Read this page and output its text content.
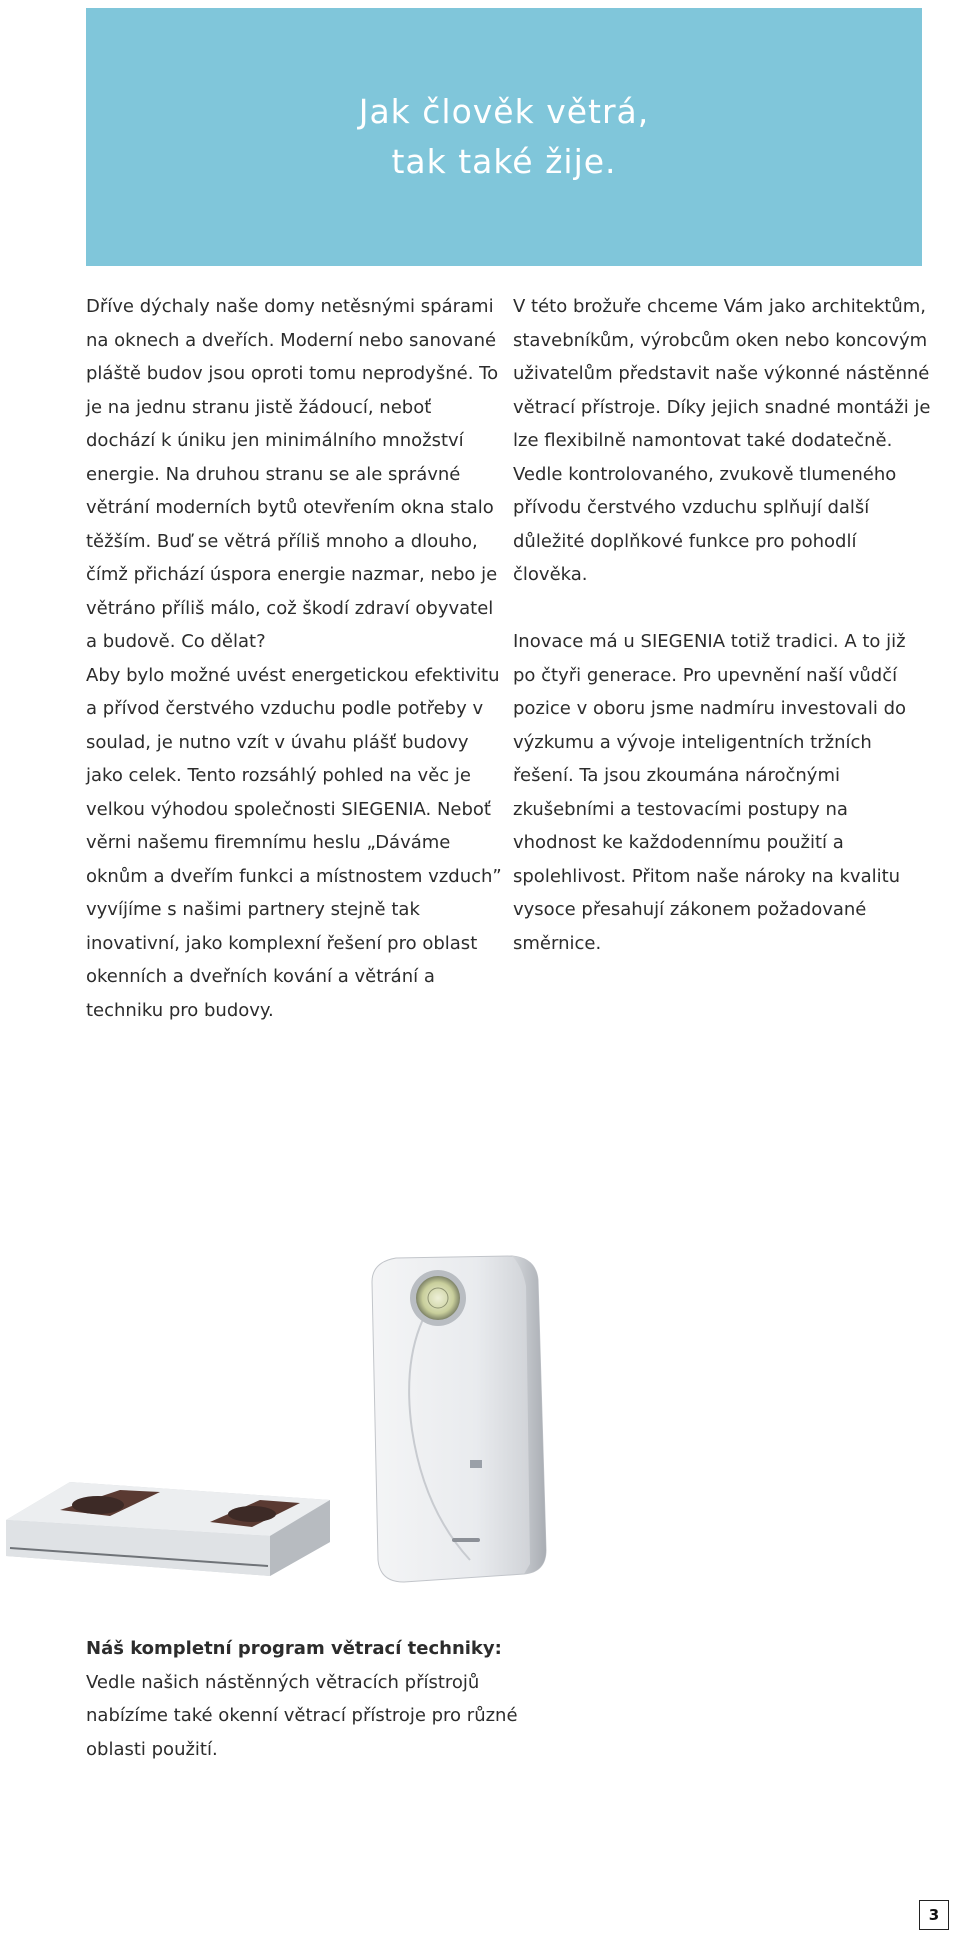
Jak člověk větrá,
tak také žije.

Dříve dýchaly naše domy netěsnými spárami na oknech a dveřích. Moderní nebo sanované pláště budov jsou oproti tomu neprodyšné. To je na jednu stranu jistě žádoucí, neboť dochází k úniku jen minimálního množství energie. Na druhou stranu se ale správné větrání moderních bytů otevřením okna stalo těžším. Buď se větrá příliš mnoho a dlouho, čímž přichází úspora energie nazmar, nebo je větráno příliš málo, což škodí zdraví obyvatel a budově. Co dělat?

Aby bylo možné uvést energetickou efektivitu a přívod čerstvého vzduchu podle potřeby v soulad, je nutno vzít v úvahu plášť budovy jako celek. Tento rozsáhlý pohled na věc je velkou výhodou společnosti SIEGENIA. Neboť věrni našemu firemnímu heslu „Dáváme oknům a dveřím funkci a místnostem vzduch” vyvíjíme s našimi partnery stejně tak inovativní, jako komplexní řešení pro oblast okenních a dveřních kování a větrání a techniku pro budovy.

V této brožuře chceme Vám jako architektům, stavebníkům, výrobcům oken nebo koncovým uživatelům představit naše výkonné nástěnné větrací přístroje. Díky jejich snadné montáži je lze flexibilně namontovat také dodatečně. Vedle kontrolovaného, zvukově tlumeného přívodu čerstvého vzduchu splňují další důležité doplňkové funkce pro pohodlí člověka.

Inovace má u SIEGENIA totiž tradici. A to již po čtyři generace. Pro upevnění naší vůdčí pozice v oboru jsme nadmíru investovali do výzkumu a vývoje inteligentních tržních řešení. Ta jsou zkoumána náročnými zkušebními a testovacími postupy na vhodnost ke každodennímu použití a spolehlivost. Přitom naše nároky na kvalitu vysoce přesahují zákonem požadované směrnice.

Náš kompletní program větrací techniky:
Vedle našich nástěnných větracích přístrojů nabízíme také okenní větrací přístroje pro různé oblasti použití.
3
